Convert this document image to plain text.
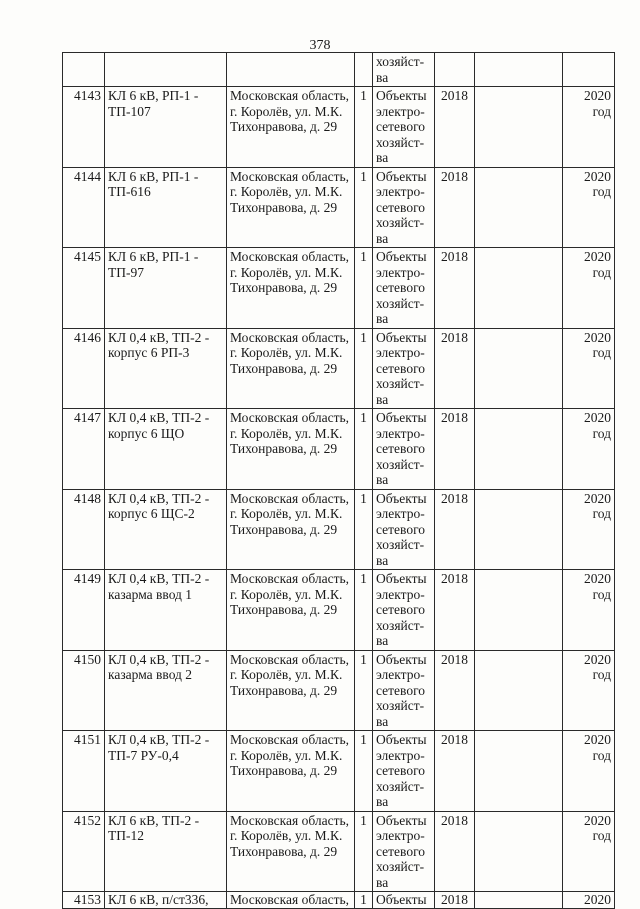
378

				хозяйст-
ва			

4143	КЛ 6 кВ, РП-1 -
ТП-107	Московская область,
г. Королёв, ул. М.К.
Тихонравова, д. 29	1	Объекты
электро-
сетевого
хозяйст-
ва	2018		2020
год

4144	КЛ 6 кВ, РП-1 -
ТП-616	Московская область,
г. Королёв, ул. М.К.
Тихонравова, д. 29	1	Объекты
электро-
сетевого
хозяйст-
ва	2018		2020
год

4145	КЛ 6 кВ, РП-1 -
ТП-97	Московская область,
г. Королёв, ул. М.К.
Тихонравова, д. 29	1	Объекты
электро-
сетевого
хозяйст-
ва	2018		2020
год

4146	КЛ 0,4 кВ, ТП-2 -
корпус 6 РП-3	Московская область,
г. Королёв, ул. М.К.
Тихонравова, д. 29	1	Объекты
электро-
сетевого
хозяйст-
ва	2018		2020
год

4147	КЛ 0,4 кВ, ТП-2 -
корпус 6 ЩО	Московская область,
г. Королёв, ул. М.К.
Тихонравова, д. 29	1	Объекты
электро-
сетевого
хозяйст-
ва	2018		2020
год

4148	КЛ 0,4 кВ, ТП-2 -
корпус 6 ЩС-2	Московская область,
г. Королёв, ул. М.К.
Тихонравова, д. 29	1	Объекты
электро-
сетевого
хозяйст-
ва	2018		2020
год

4149	КЛ 0,4 кВ, ТП-2 -
казарма ввод 1	Московская область,
г. Королёв, ул. М.К.
Тихонравова, д. 29	1	Объекты
электро-
сетевого
хозяйст-
ва	2018		2020
год

4150	КЛ 0,4 кВ, ТП-2 -
казарма ввод 2	Московская область,
г. Королёв, ул. М.К.
Тихонравова, д. 29	1	Объекты
электро-
сетевого
хозяйст-
ва	2018		2020
год

4151	КЛ 0,4 кВ, ТП-2 -
ТП-7 РУ-0,4	Московская область,
г. Королёв, ул. М.К.
Тихонравова, д. 29	1	Объекты
электро-
сетевого
хозяйст-
ва	2018		2020
год

4152	КЛ 6 кВ, ТП-2 -
ТП-12	Московская область,
г. Королёв, ул. М.К.
Тихонравова, д. 29	1	Объекты
электро-
сетевого
хозяйст-
ва	2018		2020
год

4153	КЛ 6 кВ, п/ст336,	Московская область,	1	Объекты	2018		2020
